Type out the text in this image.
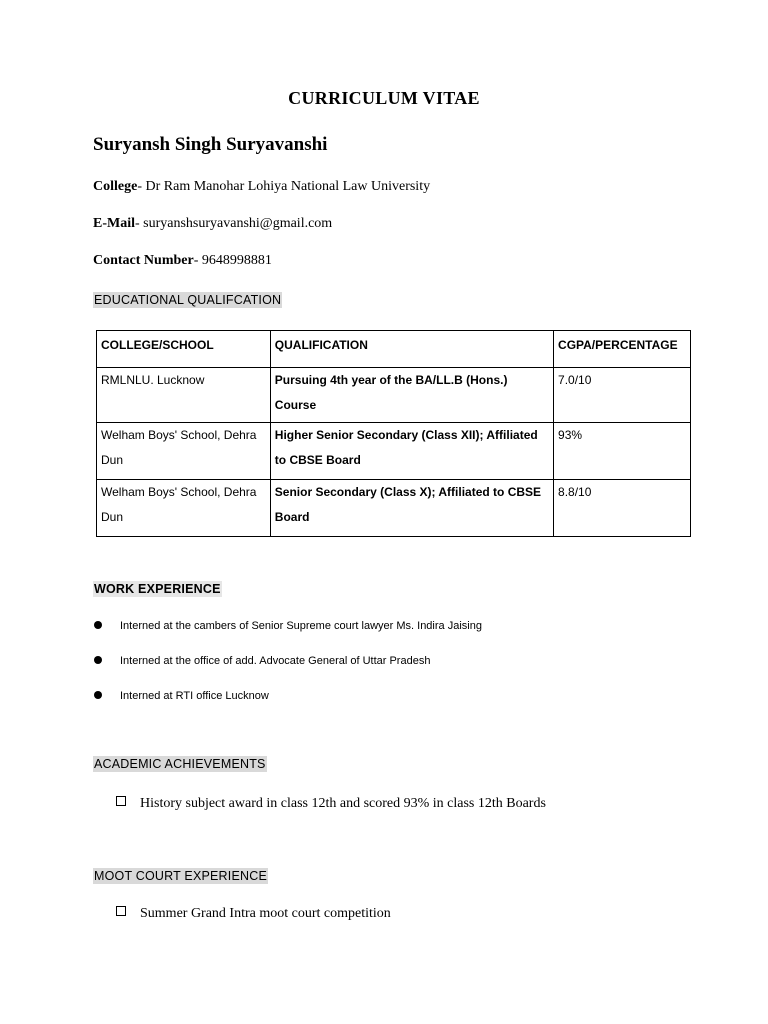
CURRICULUM VITAE
Suryansh Singh Suryavanshi
College- Dr Ram Manohar Lohiya National Law University
E-Mail- suryanshsuryavanshi@gmail.com
Contact Number- 9648998881
EDUCATIONAL QUALIFCATION
COLLEGE/SCHOOL	QUALIFICATION	CGPA/PERCENTAGE
RMLNLU. Lucknow	Pursuing 4th year of the BA/LL.B (Hons.) Course	7.0/10
Welham Boys' School, Dehra Dun	Higher Senior Secondary (Class XII); Affiliated to CBSE Board	93%
Welham Boys' School, Dehra Dun	Senior Secondary (Class X); Affiliated to CBSE Board	8.8/10
WORK EXPERIENCE
Interned at the cambers of Senior Supreme court lawyer Ms. Indira Jaising
Interned at the office of add. Advocate General of Uttar Pradesh
Interned at RTI office Lucknow
ACADEMIC ACHIEVEMENTS
History subject award in class 12th and scored 93% in class 12th Boards
MOOT COURT EXPERIENCE
Summer Grand Intra moot court competition
